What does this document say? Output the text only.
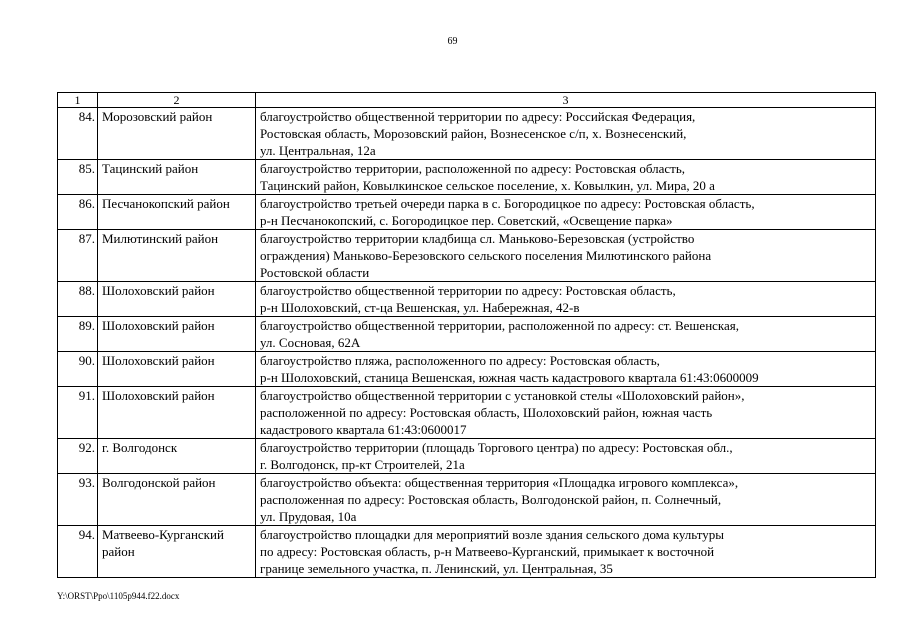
69
1	2	3
84.	Морозовский район	благоустройство общественной территории по адресу: Российская Федерация,
Ростовская область, Морозовский район, Вознесенское с/п, х. Вознесенский,
ул. Центральная, 12а

85.	Тацинский район	благоустройство территории, расположенной по адресу: Ростовская область,
Тацинский район, Ковылкинское сельское поселение, х. Ковылкин, ул. Мира, 20 а

86.	Песчанокопский район	благоустройство третьей очереди парка в с. Богородицкое по адресу: Ростовская область,
р-н Песчанокопский, с. Богородицкое пер. Советский, «Освещение парка»

87.	Милютинский район	благоустройство территории кладбища сл. Маньково-Березовская (устройство
ограждения) Маньково-Березовского сельского поселения Милютинского района
Ростовской области

88.	Шолоховский район	благоустройство общественной территории по адресу: Ростовская область,
р-н Шолоховский, ст-ца Вешенская, ул. Набережная, 42-в

89.	Шолоховский район	благоустройство общественной территории, расположенной по адресу: ст. Вешенская,
ул. Сосновая, 62А

90.	Шолоховский район	благоустройство пляжа, расположенного по адресу: Ростовская область,
р-н Шолоховский, станица Вешенская, южная часть кадастрового квартала 61:43:0600009

91.	Шолоховский район	благоустройство общественной территории с установкой стелы «Шолоховский район»,
расположенной по адресу: Ростовская область, Шолоховский район, южная часть
кадастрового квартала 61:43:0600017

92.	г. Волгодонск	благоустройство территории (площадь Торгового центра) по адресу: Ростовская обл.,
г. Волгодонск, пр-кт Строителей, 21а

93.	Волгодонской район	благоустройство объекта: общественная территория «Площадка игрового комплекса»,
расположенная по адресу: Ростовская область, Волгодонской район, п. Солнечный,
ул. Прудовая, 10а

94.	Матвеево-Курганский
район	благоустройство площадки для мероприятий возле здания сельского дома культуры
по адресу: Ростовская область, р-н Матвеево-Курганский, примыкает к восточной
границе земельного участка, п. Ленинский, ул. Центральная, 35
Y:\ORST\Ppo\1105p944.f22.docx
